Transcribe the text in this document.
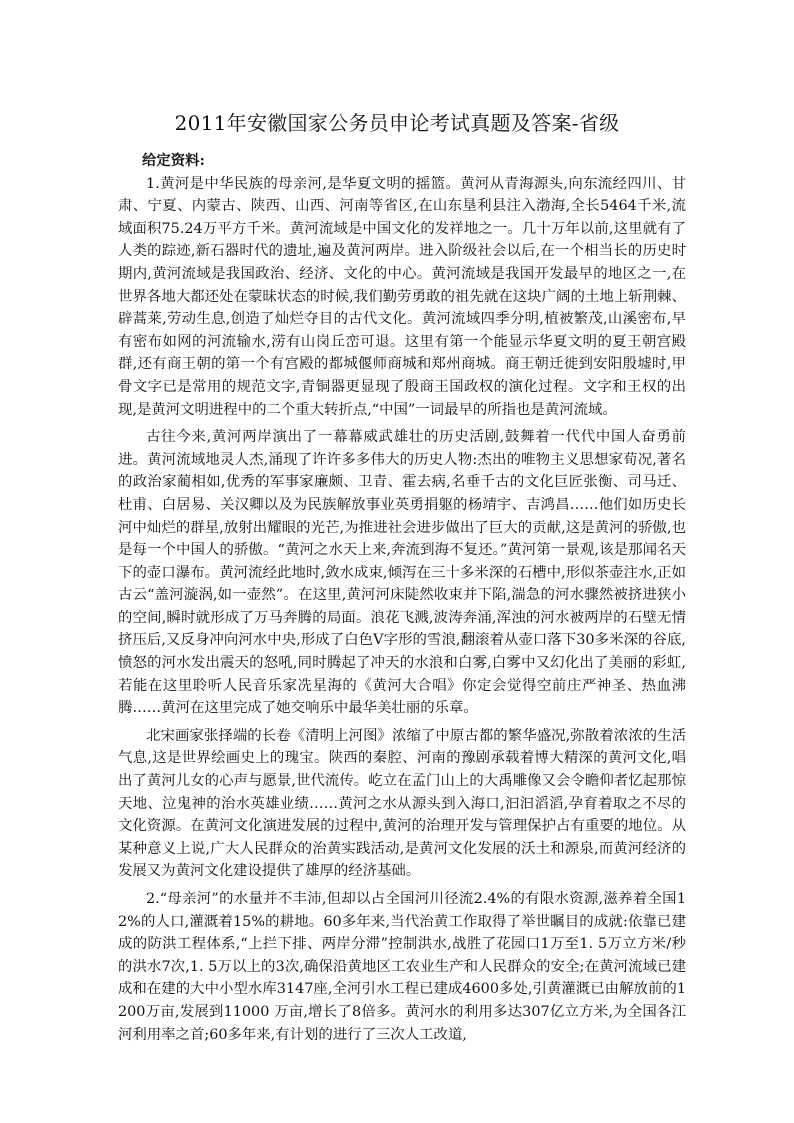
2011年安徽国家公务员申论考试真题及答案-省级

给定资料:

1.黄河是中华民族的母亲河,是华夏文明的摇篮。黄河从青海源头,向东流经四川、甘肃、宁夏、内蒙古、陕西、山西、河南等省区,在山东垦利县注入渤海,全长5464千米,流域面积75.24万平方千米。黄河流域是中国文化的发祥地之一。几十万年以前,这里就有了人类的踪迹,新石器时代的遗址,遍及黄河两岸。进入阶级社会以后,在一个相当长的历史时期内,黄河流域是我国政治、经济、文化的中心。黄河流域是我国开发最早的地区之一,在世界各地大都还处在蒙昧状态的时候,我们勤劳勇敢的祖先就在这块广阔的土地上斩荆棘、辟蒿莱,劳动生息,创造了灿烂夺目的古代文化。黄河流域四季分明,植被繁茂,山溪密布,早有密布如网的河流输水,涝有山岗丘峦可退。这里有第一个能显示华夏文明的夏王朝宫殿群,还有商王朝的第一个有宫殿的都城偃师商城和郑州商城。商王朝迁徙到安阳殷墟时,甲骨文字已是常用的规范文字,青铜器更显现了殷商王国政权的演化过程。文字和王权的出现,是黄河文明进程中的二个重大转折点,“中国”一词最早的所指也是黄河流域。

古往今来,黄河两岸演出了一幕幕威武雄壮的历史活剧,鼓舞着一代代中国人奋勇前进。黄河流域地灵人杰,涌现了许许多多伟大的历史人物:杰出的唯物主义思想家荀况,著名的政治家蔺相如,优秀的军事家廉颇、卫青、霍去病,名垂千古的文化巨匠张衡、司马迁、杜甫、白居易、关汉卿以及为民族解放事业英勇捐躯的杨靖宇、吉鸿昌……他们如历史长河中灿烂的群星,放射出耀眼的光芒,为推进社会进步做出了巨大的贡献,这是黄河的骄傲,也是每一个中国人的骄傲。“黄河之水天上来,奔流到海不复还。”黄河第一景观,该是那闻名天下的壶口瀑布。黄河流经此地时,敛水成束,倾泻在三十多米深的石槽中,形似茶壶注水,正如古云“盖河漩涡,如一壶然”。在这里,黄河河床陡然收束并下陷,湍急的河水骤然被挤进狭小的空间,瞬时就形成了万马奔腾的局面。浪花飞溅,波涛奔涌,浑浊的河水被两岸的石壁无情挤压后,又反身冲向河水中央,形成了白色V字形的雪浪,翻滚着从壶口落下30多米深的谷底,愤怒的河水发出震天的怒吼,同时腾起了冲天的水浪和白雾,白雾中又幻化出了美丽的彩虹,若能在这里聆听人民音乐家冼星海的《黄河大合唱》你定会觉得空前庄严神圣、热血沸腾……黄河在这里完成了她交响乐中最华美壮丽的乐章。

北宋画家张择端的长卷《清明上河图》浓缩了中原古都的繁华盛况,弥散着浓浓的生活气息,这是世界绘画史上的瑰宝。陕西的秦腔、河南的豫剧承载着博大精深的黄河文化,唱出了黄河儿女的心声与愿景,世代流传。屹立在孟门山上的大禹雕像又会令瞻仰者忆起那惊天地、泣鬼神的治水英雄业绩……黄河之水从源头到入海口,汩汩滔滔,孕育着取之不尽的文化资源。在黄河文化演进发展的过程中,黄河的治理开发与管理保护占有重要的地位。从某种意义上说,广大人民群众的治黄实践活动,是黄河文化发展的沃土和源泉,而黄河经济的发展又为黄河文化建设提供了雄厚的经济基础。

2.“母亲河”的水量并不丰沛,但却以占全国河川径流2.4%的有限水资源,滋养着全国12%的人口,灌溉着15%的耕地。60多年来,当代治黄工作取得了举世瞩目的成就:依靠已建成的防洪工程体系,“上拦下排、两岸分滞”控制洪水,战胜了花园口1万至1. 5万立方米/秒的洪水7次,1. 5万以上的3次,确保沿黄地区工农业生产和人民群众的安全;在黄河流域已建成和在建的大中小型水库3147座,全河引水工程已建成4600多处,引黄灌溉已由解放前的1200万亩,发展到11000 万亩,增长了8倍多。黄河水的利用多达307亿立方米,为全国各江河利用率之首;60多年来,有计划的进行了三次人工改道,
